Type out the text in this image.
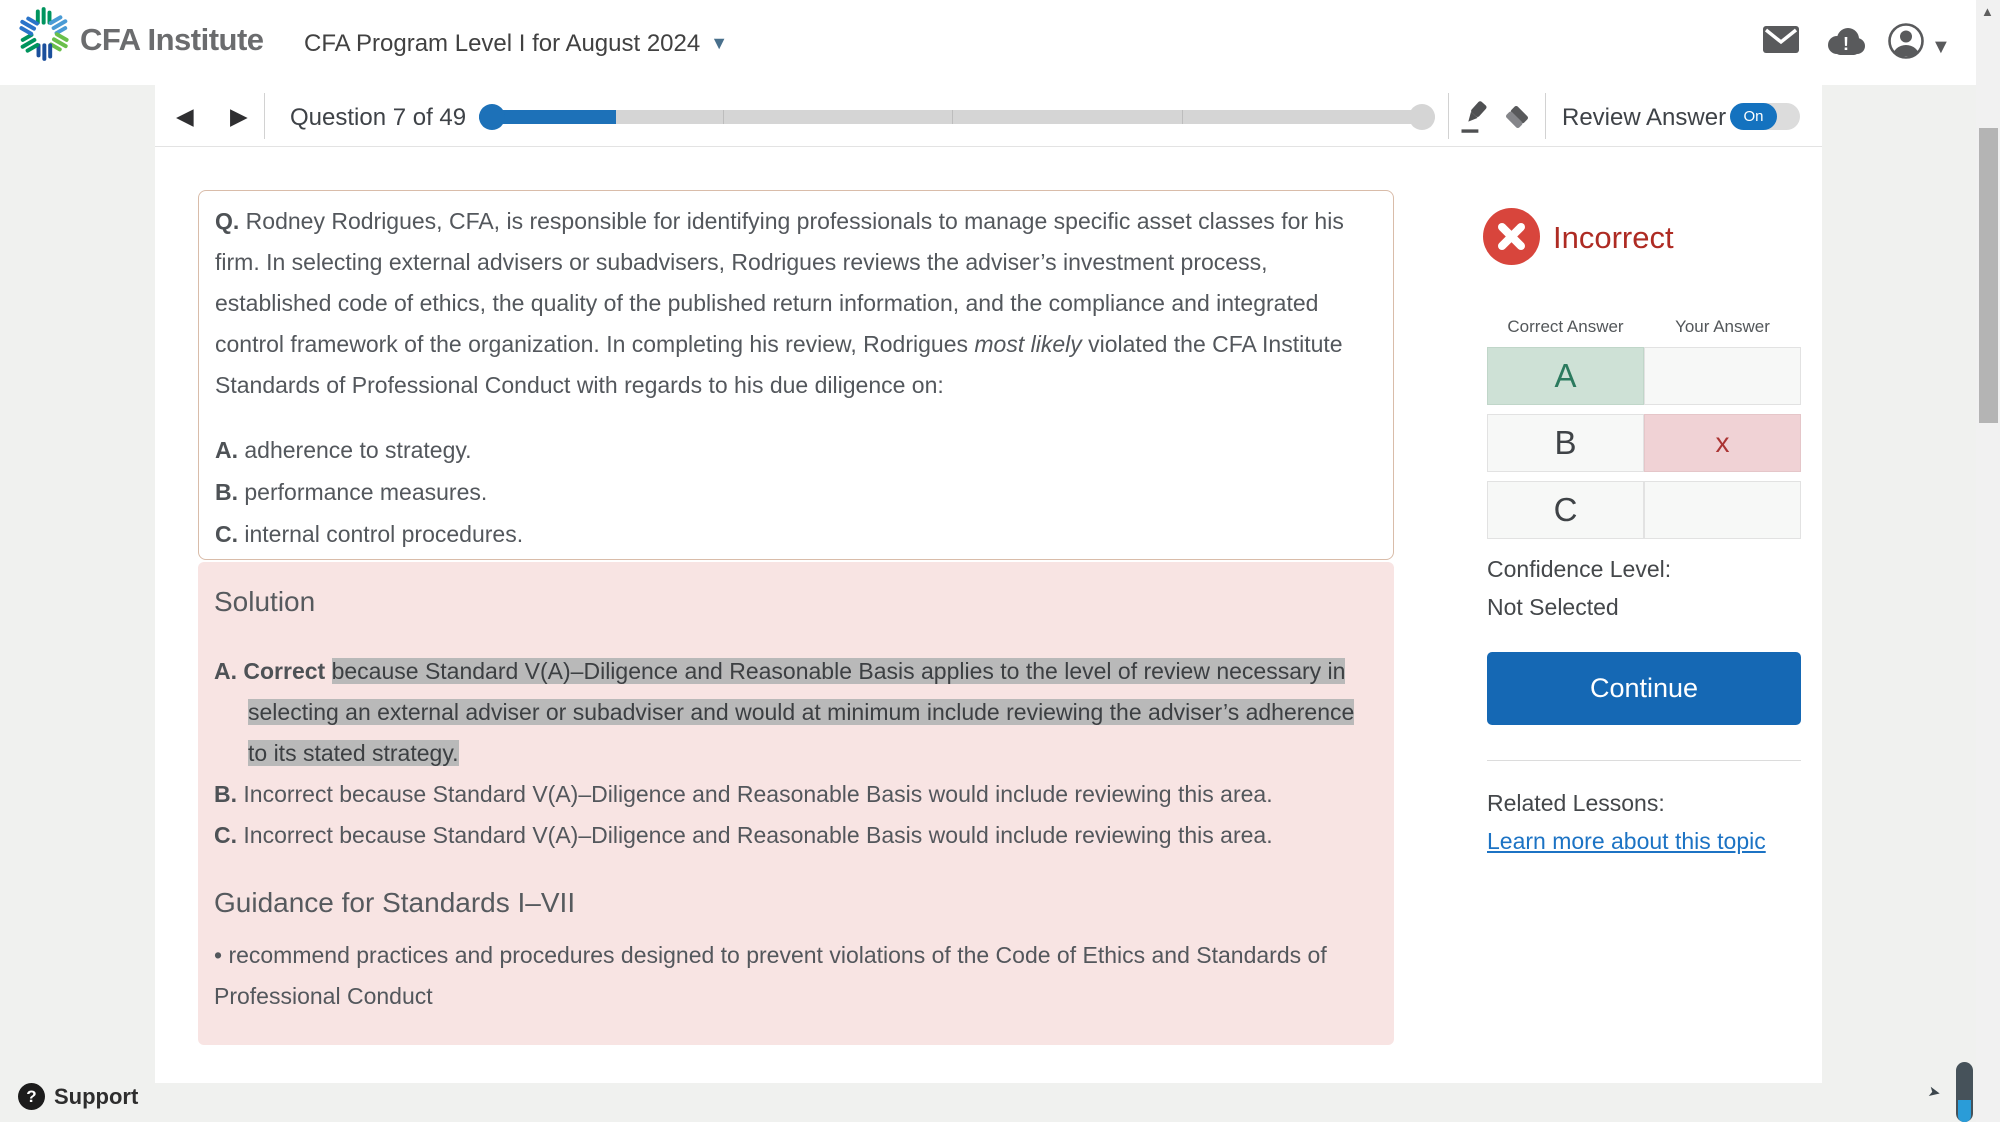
CFA Institute CFA Program Level I for August 2024 ▼	!	▼
◀ ▶ Question 7 of 49	Review Answer	On
Q. Rodney Rodrigues, CFA, is responsible for identifying professionals to manage specific asset classes for his firm. In selecting external advisers or subadvisers, Rodrigues reviews the adviser’s investment process, established code of ethics, the quality of the published return information, and the compliance and integrated control framework of the organization. In completing his review, Rodrigues most likely violated the CFA Institute Standards of Professional Conduct with regards to his due diligence on:
A. adherence to strategy.
B. performance measures.
C. internal control procedures.
Solution
A. Correct because Standard V(A)–Diligence and Reasonable Basis applies to the level of review necessary in selecting an external adviser or subadviser and would at minimum include reviewing the adviser’s adherence to its stated strategy.
B. Incorrect because Standard V(A)–Diligence and Reasonable Basis would include reviewing this area.
C. Incorrect because Standard V(A)–Diligence and Reasonable Basis would include reviewing this area.
Guidance for Standards I–VII
• recommend practices and procedures designed to prevent violations of the Code of Ethics and Standards of Professional Conduct
Incorrect
Correct Answer	Your Answer
A
B	x
C
Confidence Level:
Not Selected
Continue
Related Lessons:
Learn more about this topic
? Support
▲
➤
